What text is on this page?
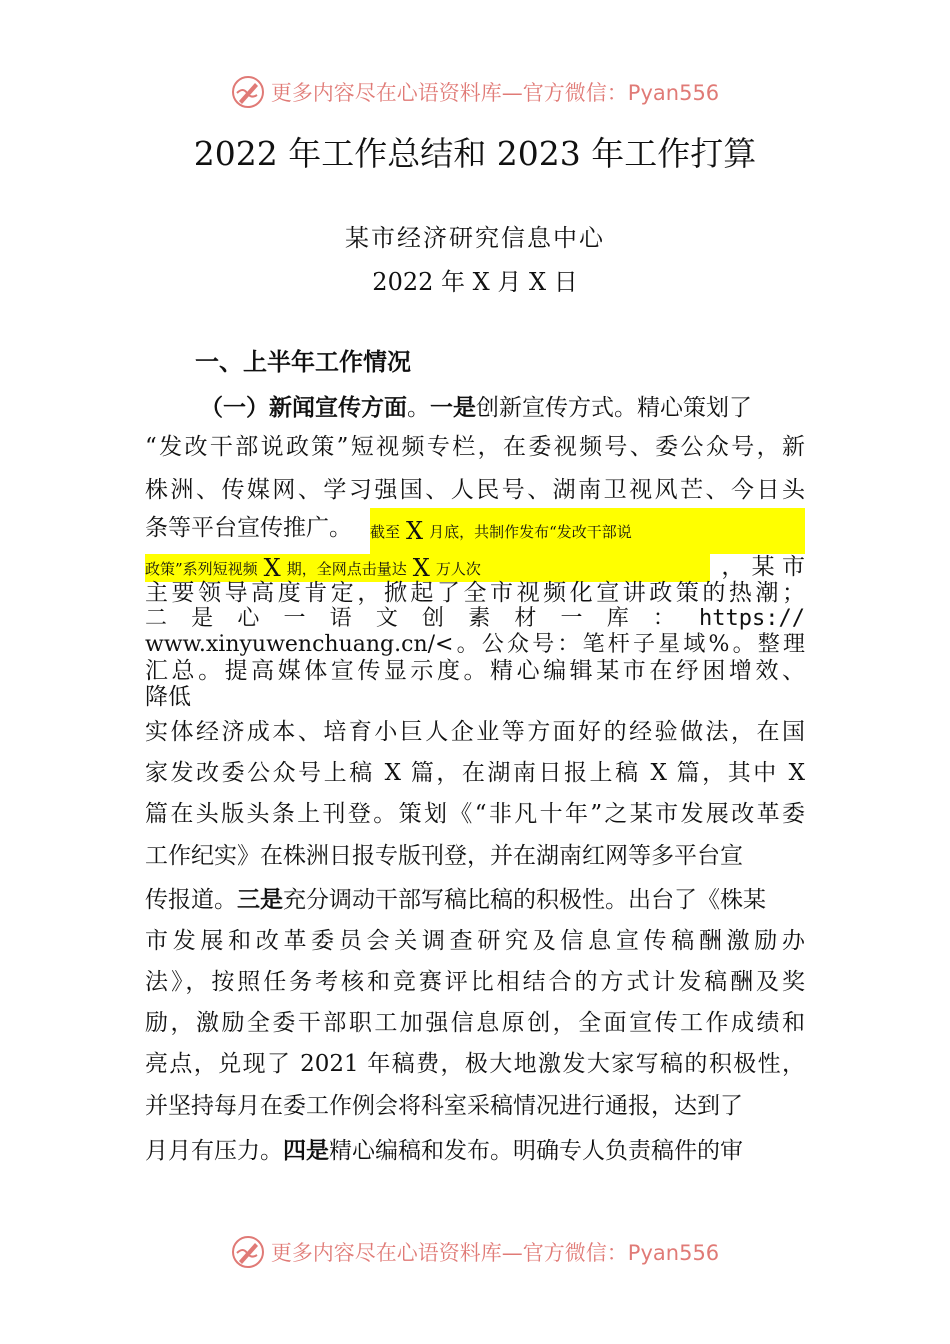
更多内容尽在心语资料库—官方微信：Pyan556
2022 年工作总结和 2023 年工作打算
某市经济研究信息中心
2022 年 X 月 X 日
一、上半年工作情况
（一）新闻宣传方面。一是创新宣传方式。精心策划了
“发改干部说政策”短视频专栏，在委视频号、委公众号，新
株洲、传媒网、学习强国、人民号、湖南卫视风芒、今日头
条等平台宣传推广。	截至 X 月底，共制作发布“发改干部说
政策”系列短视频 X 期，全网点击量达 X 万人次	， 某 市
主要领导高度肯定，掀起了全市视频化宣讲政策的热潮；
二 是 心 一 语 文 创 素 材 一 库 ： https://
www.xinyuwenchuang.cn/<。公众号：笔杆子星域%。整理
汇总。提高媒体宣传显示度。精心编辑某市在纾困增效、
降低
实体经济成本、培育小巨人企业等方面好的经验做法，在国
家发改委公众号上稿 X 篇，在湖南日报上稿 X 篇，其中 X
篇在头版头条上刊登。策划《“非凡十年”之某市发展改革委
工作纪实》在株洲日报专版刊登，并在湖南红网等多平台宣
传报道。三是充分调动干部写稿比稿的积极性。出台了《株某
市发展和改革委员会关调查研究及信息宣传稿酬激励办
法》，按照任务考核和竞赛评比相结合的方式计发稿酬及奖
励，激励全委干部职工加强信息原创，全面宣传工作成绩和
亮点，兑现了 2021 年稿费，极大地激发大家写稿的积极性，
并坚持每月在委工作例会将科室采稿情况进行通报，达到了
月月有压力。四是精心编稿和发布。明确专人负责稿件的审
更多内容尽在心语资料库—官方微信：Pyan556
